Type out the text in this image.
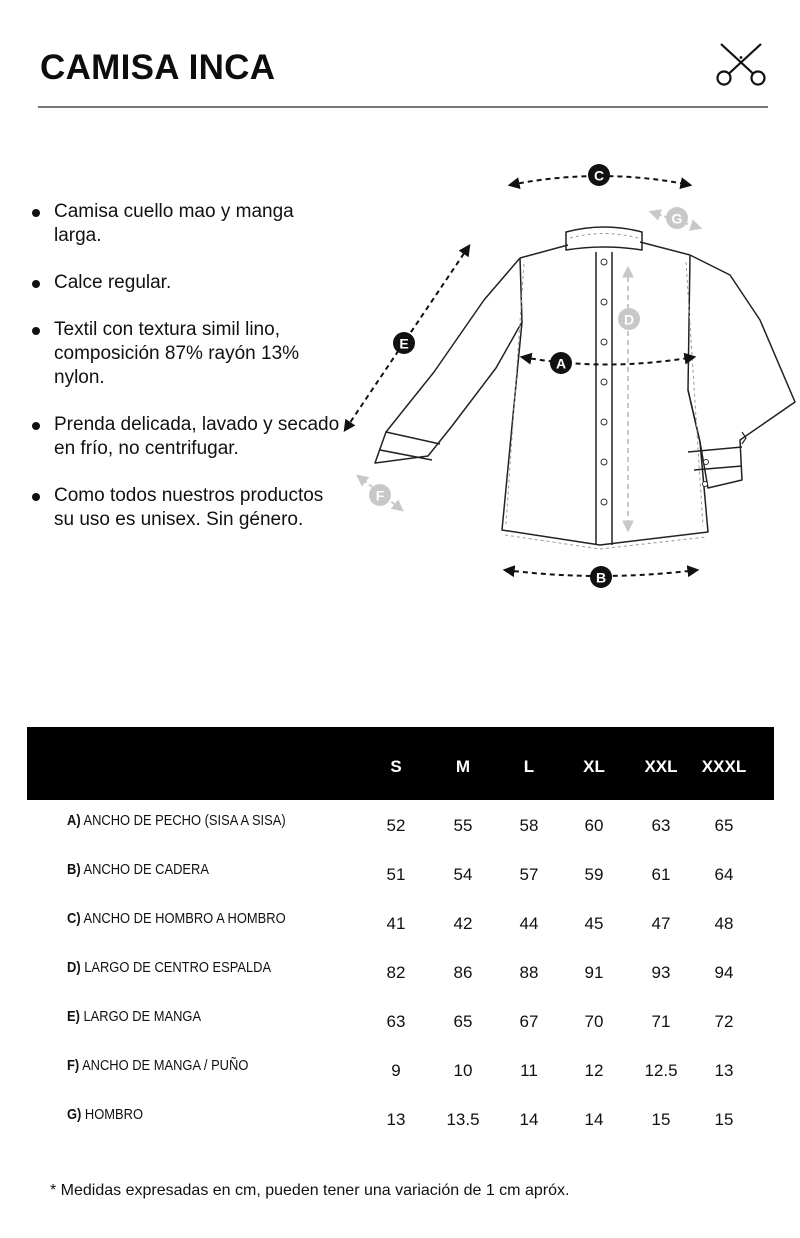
CAMISA INCA
Camisa cuello mao y manga larga.
Calce regular.
Textil con textura simil lino, composición 87% rayón 13% nylon.
Prenda delicada, lavado y secado en frío, no centrifugar.
Como todos nuestros productos su uso es unisex. Sin género.
C
A
B
E
D
G
F
S	M	L	XL	XXL	XXXL
A) ANCHO DE PECHO (SISA A SISA)	52	55	58	60	63	65
B) ANCHO DE CADERA	51	54	57	59	61	64
C) ANCHO DE HOMBRO A HOMBRO	41	42	44	45	47	48
D) LARGO DE CENTRO ESPALDA	82	86	88	91	93	94
E) LARGO DE MANGA	63	65	67	70	71	72
F) ANCHO DE MANGA / PUÑO	9	10	11	12	12.5	13
G) HOMBRO	13	13.5	14	14	15	15

* Medidas expresadas en cm, pueden tener una variación de 1 cm apróx.
